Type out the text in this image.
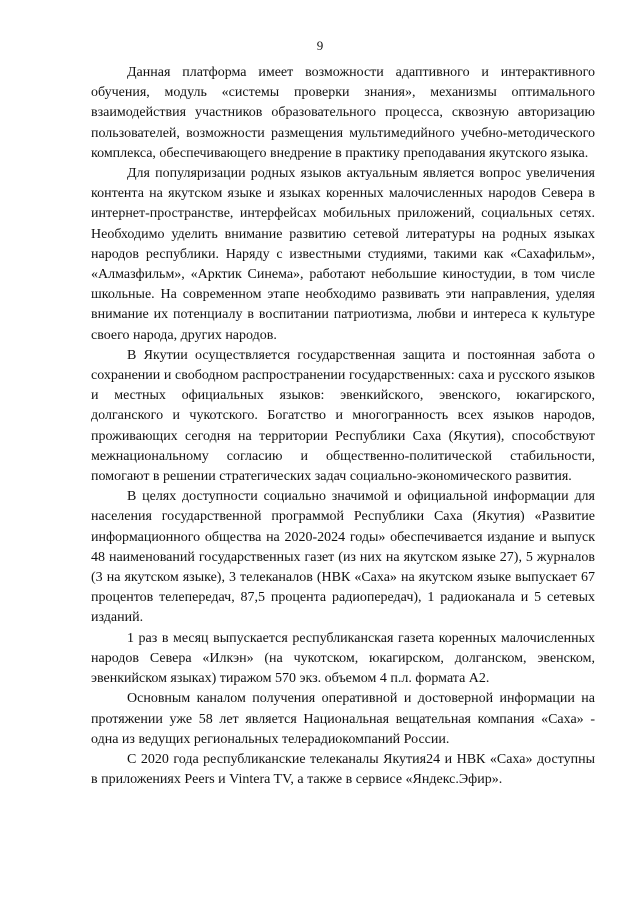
9

Данная платформа имеет возможности адаптивного и интерактивного обучения, модуль «системы проверки знания», механизмы оптимального взаимодействия участников образовательного процесса, сквозную авторизацию пользователей, возможности размещения мультимедийного учебно-методического комплекса, обеспечивающего внедрение в практику преподавания якутского языка.

Для популяризации родных языков актуальным является вопрос увеличения контента на якутском языке и языках коренных малочисленных народов Севера в интернет-пространстве, интерфейсах мобильных приложений, социальных сетях. Необходимо уделить внимание развитию сетевой литературы на родных языках народов республики. Наряду с известными студиями, такими как «Сахафильм», «Алмазфильм», «Арктик Синема», работают небольшие киностудии, в том числе школьные. На современном этапе необходимо развивать эти направления, уделяя внимание их потенциалу в воспитании патриотизма, любви и интереса к культуре своего народа, других народов.

В Якутии осуществляется государственная защита и постоянная забота о сохранении и свободном распространении государственных: саха и русского языков и местных официальных языков: эвенкийского, эвенского, юкагирского, долганского и чукотского. Богатство и многогранность всех языков народов, проживающих сегодня на территории Республики Саха (Якутия), способствуют межнациональному согласию и общественно-политической стабильности, помогают в решении стратегических задач социально-экономического развития.

В целях доступности социально значимой и официальной информации для населения государственной программой Республики Саха (Якутия) «Развитие информационного общества на 2020-2024 годы» обеспечивается издание и выпуск 48 наименований государственных газет (из них на якутском языке 27), 5 журналов (3 на якутском языке), 3 телеканалов (НВК «Саха» на якутском языке выпускает 67 процентов телепередач, 87,5 процента радиопередач), 1 радиоканала и 5 сетевых изданий.

1 раз в месяц выпускается республиканская газета коренных малочисленных народов Севера «Илкэн» (на чукотском, юкагирском, долганском, эвенском, эвенкийском языках) тиражом 570 экз. объемом 4 п.л. формата А2.

Основным каналом получения оперативной и достоверной информации на протяжении уже 58 лет является Национальная вещательная компания «Саха» - одна из ведущих региональных телерадиокомпаний России.

С 2020 года республиканские телеканалы Якутия24 и НВК «Саха» доступны в приложениях Peers и Vintera TV, а также в сервисе «Яндекс.Эфир».
